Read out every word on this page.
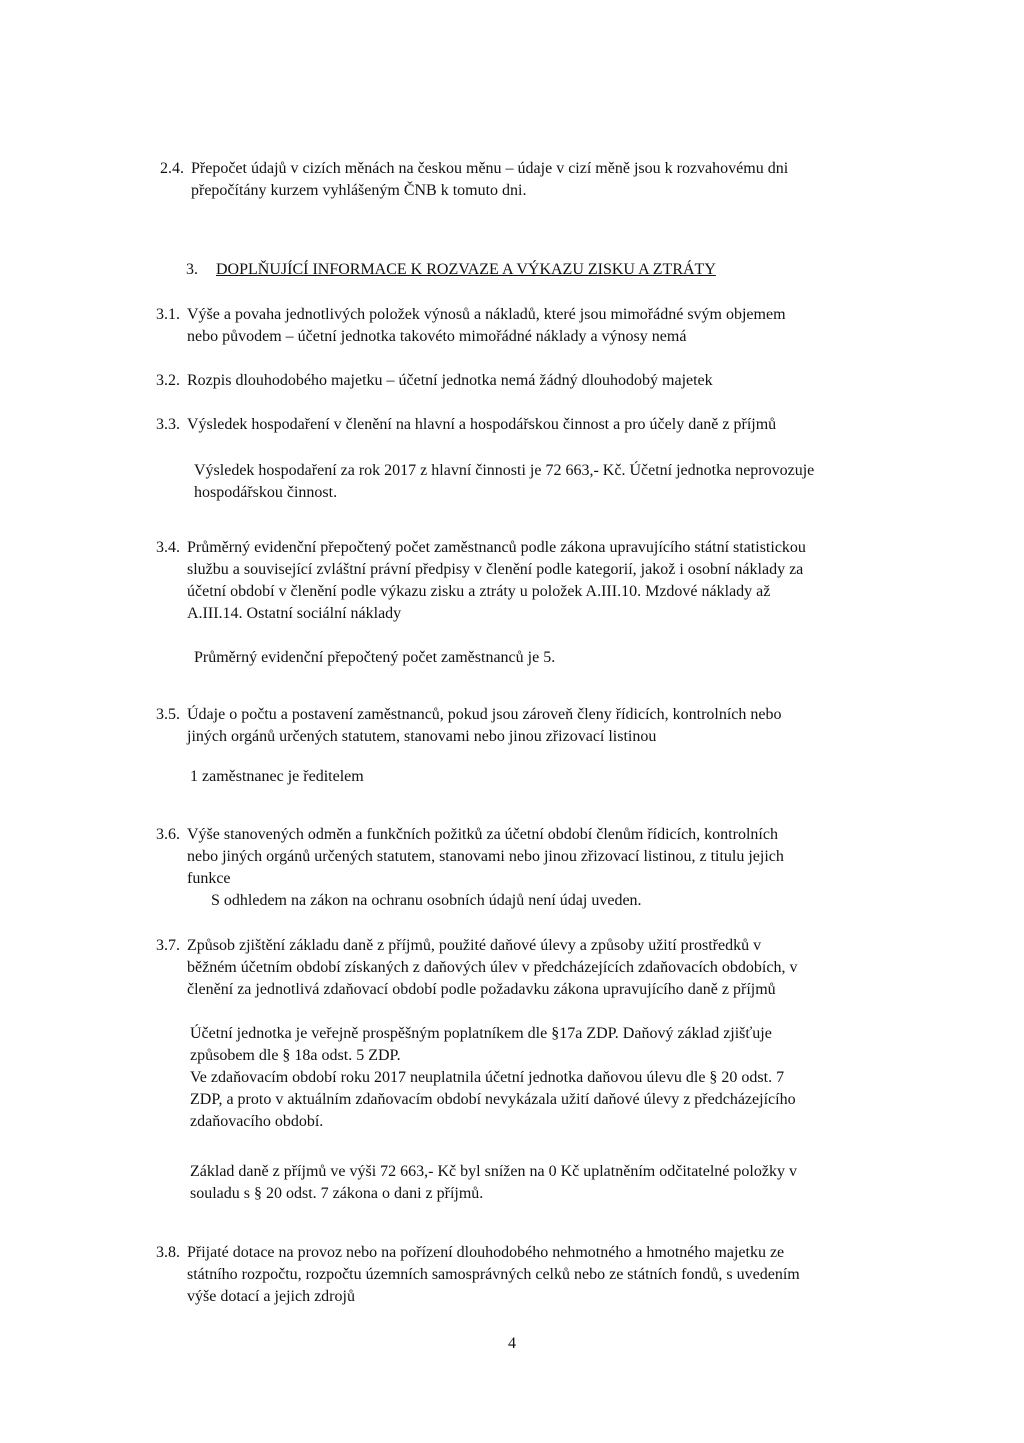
2.4. Přepočet údajů v cizích měnách na českou měnu – údaje v cizí měně jsou k rozvahovému dni
přepočítány kurzem vyhlášeným ČNB k tomuto dni.
3. DOPLŇUJÍCÍ INFORMACE K ROZVAZE A VÝKAZU ZISKU A ZTRÁTY
3.1. Výše a povaha jednotlivých položek výnosů a nákladů, které jsou mimořádné svým objemem
nebo původem – účetní jednotka takovéto mimořádné náklady a výnosy nemá
3.2. Rozpis dlouhodobého majetku – účetní jednotka nemá žádný dlouhodobý majetek
3.3. Výsledek hospodaření v členění na hlavní a hospodářskou činnost a pro účely daně z příjmů
Výsledek hospodaření za rok 2017 z hlavní činnosti je 72 663,- Kč. Účetní jednotka neprovozuje
hospodářskou činnost.
3.4. Průměrný evidenční přepočtený počet zaměstnanců podle zákona upravujícího státní statistickou
službu a související zvláštní právní předpisy v členění podle kategorií, jakož i osobní náklady za
účetní období v členění podle výkazu zisku a ztráty u položek A.III.10. Mzdové náklady až
A.III.14. Ostatní sociální náklady
Průměrný evidenční přepočtený počet zaměstnanců je 5.
3.5. Údaje o počtu a postavení zaměstnanců, pokud jsou zároveň členy řídicích, kontrolních nebo
jiných orgánů určených statutem, stanovami nebo jinou zřizovací listinou
1 zaměstnanec je ředitelem
3.6. Výše stanovených odměn a funkčních požitků za účetní období členům řídicích, kontrolních
nebo jiných orgánů určených statutem, stanovami nebo jinou zřizovací listinou, z titulu jejich
funkce
S odhledem na zákon na ochranu osobních údajů není údaj uveden.
3.7. Způsob zjištění základu daně z příjmů, použité daňové úlevy a způsoby užití prostředků v
běžném účetním období získaných z daňových úlev v předcházejících zdaňovacích obdobích, v
členění za jednotlivá zdaňovací období podle požadavku zákona upravujícího daně z příjmů
Účetní jednotka je veřejně prospěšným poplatníkem dle §17a ZDP. Daňový základ zjišťuje
způsobem dle § 18a odst. 5 ZDP.
Ve zdaňovacím období roku 2017 neuplatnila účetní jednotka daňovou úlevu dle § 20 odst. 7
ZDP, a proto v aktuálním zdaňovacím období nevykázala užití daňové úlevy z předcházejícího
zdaňovacího období.
Základ daně z příjmů ve výši 72 663,- Kč byl snížen na 0 Kč uplatněním odčitatelné položky v
souladu s § 20 odst. 7 zákona o dani z příjmů.
3.8. Přijaté dotace na provoz nebo na pořízení dlouhodobého nehmotného a hmotného majetku ze
státního rozpočtu, rozpočtu územních samosprávných celků nebo ze státních fondů, s uvedením
výše dotací a jejich zdrojů
4
